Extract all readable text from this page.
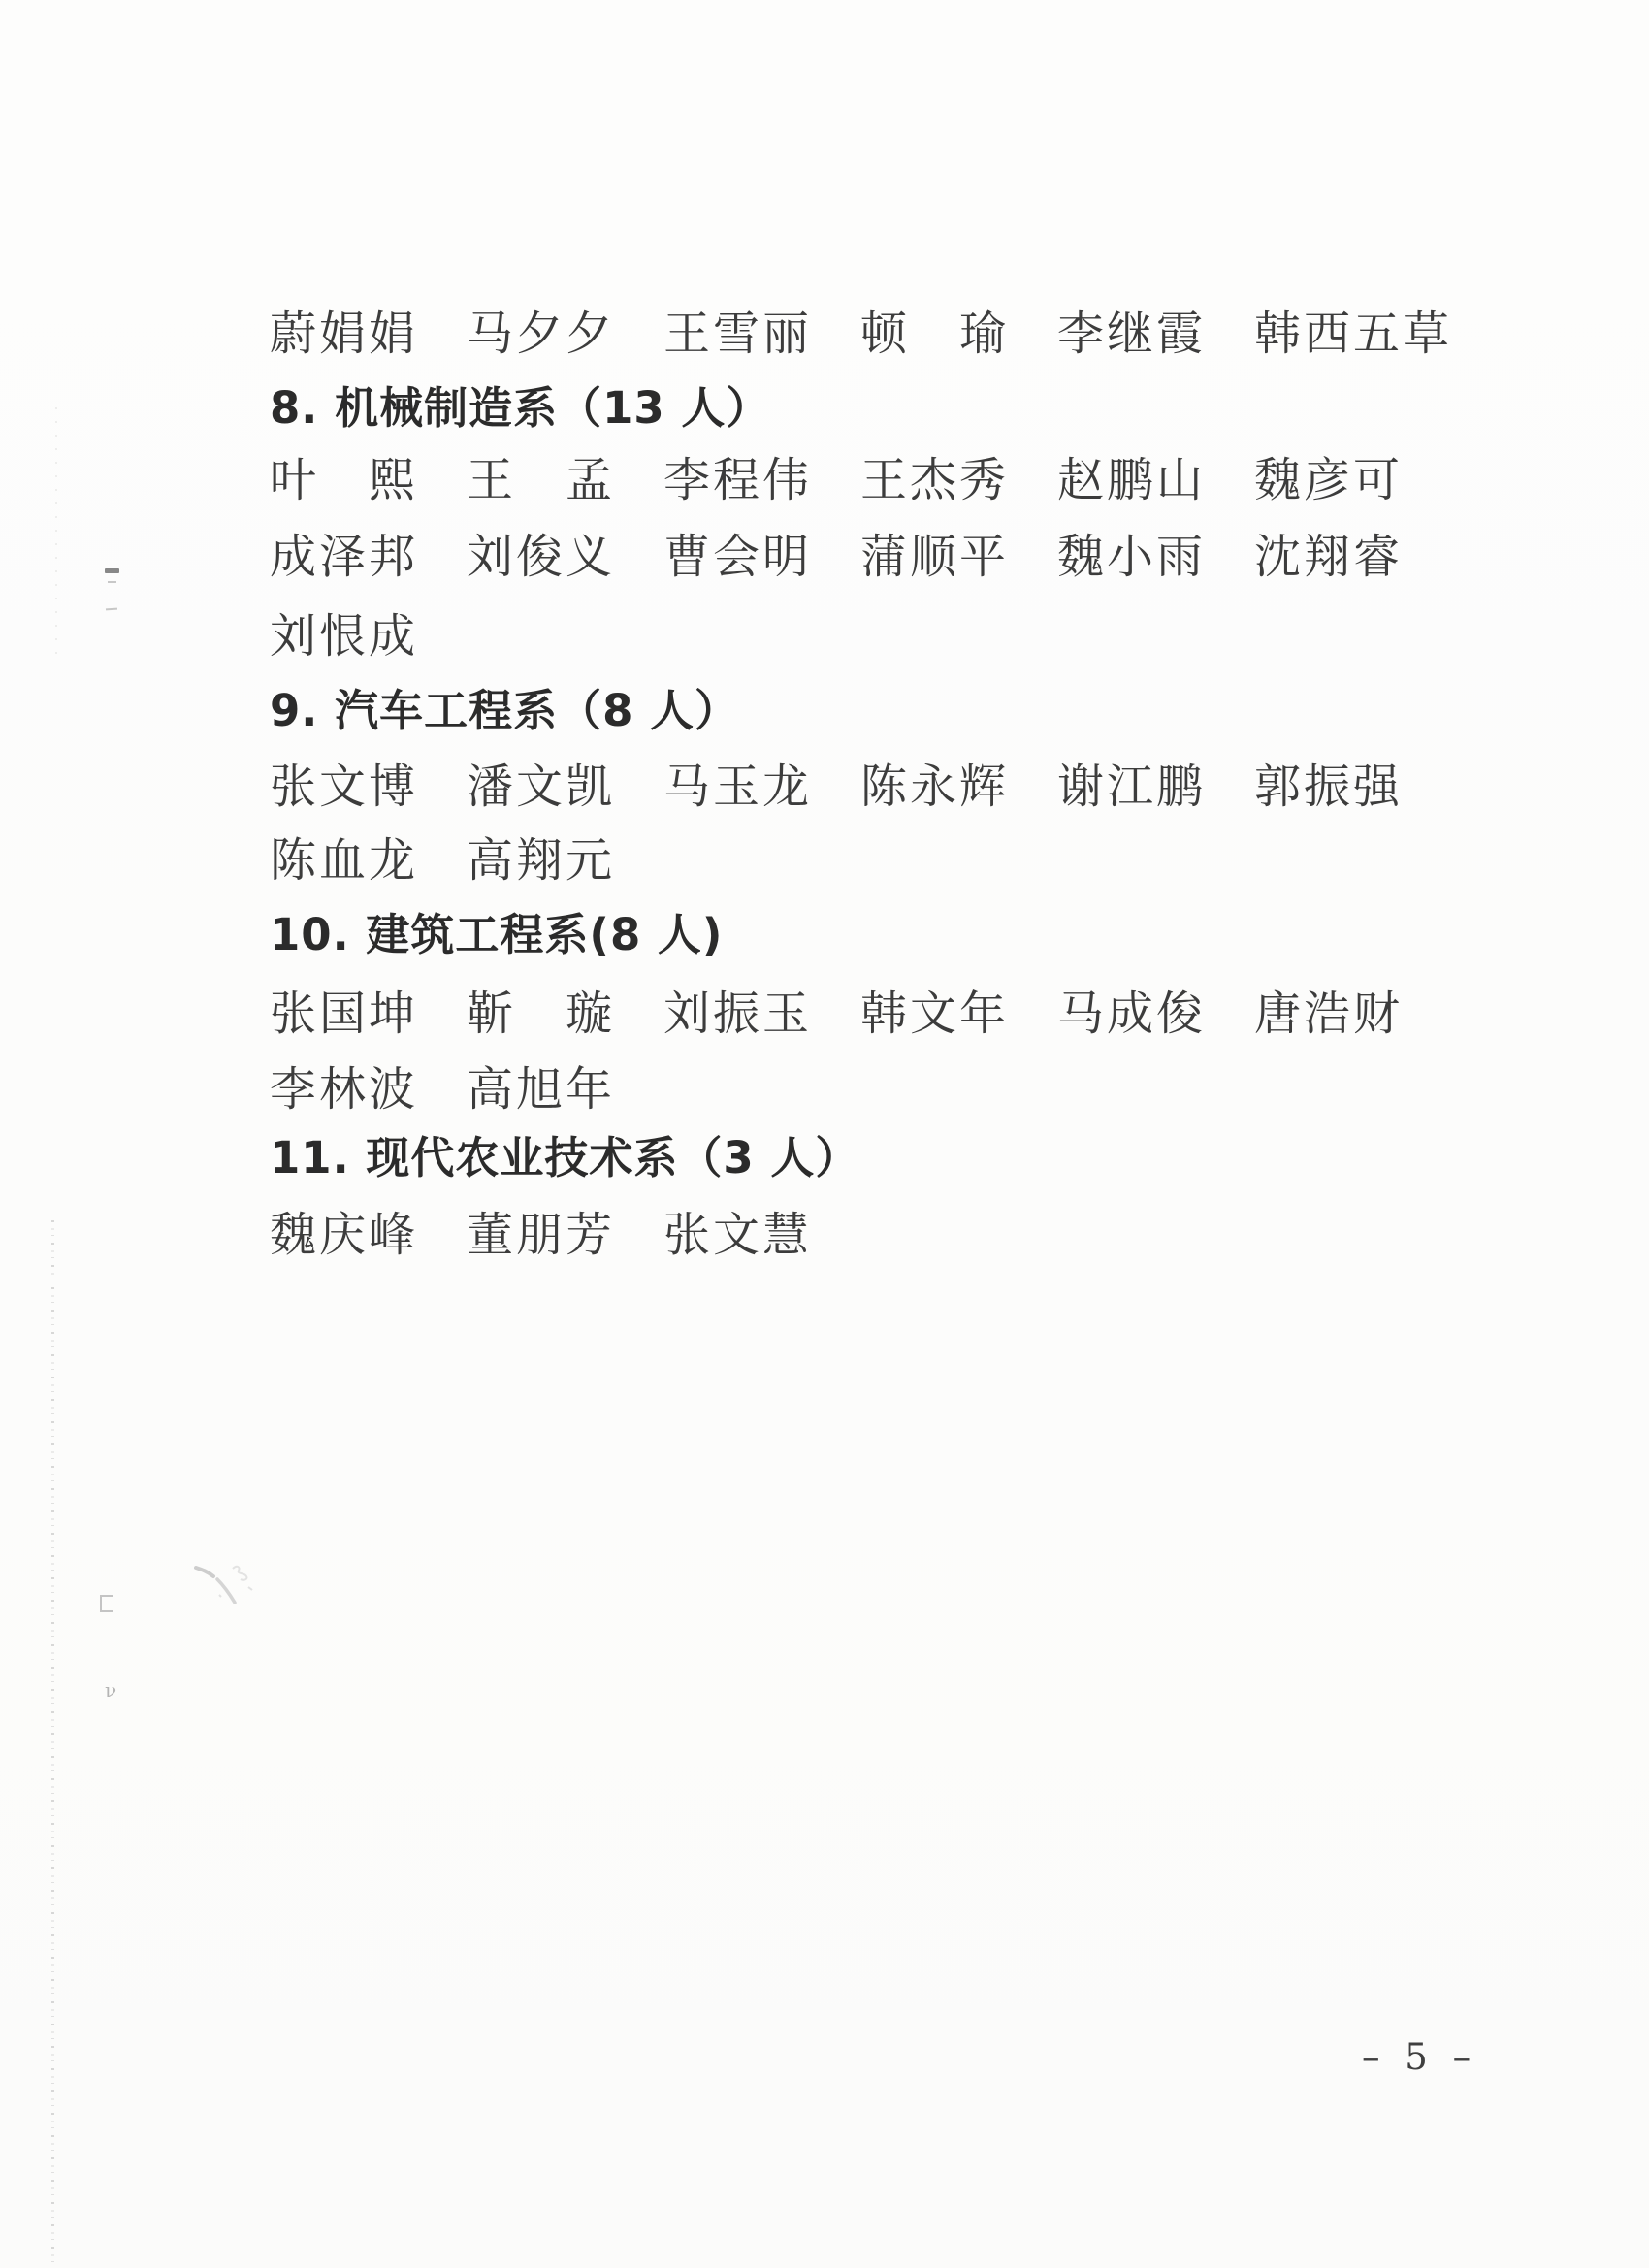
蔚娟娟	马夕夕	王雪丽	顿　瑜	李继霞	韩西五草
8. 机械制造系（13 人）
叶　熙	王　孟	李程伟	王杰秀	赵鹏山	魏彦可
成泽邦	刘俊义	曹会明	蒲顺平	魏小雨	沈翔睿
刘恨成
9. 汽车工程系（8 人）
张文博	潘文凯	马玉龙	陈永辉	谢江鹏	郭振强
陈血龙	高翔元
10. 建筑工程系(8 人)
张国坤	靳　璇	刘振玉	韩文年	马成俊	唐浩财
李林波	高旭年
11. 现代农业技术系（3 人）
魏庆峰	董朋芳	张文慧
– 5 –
ν
